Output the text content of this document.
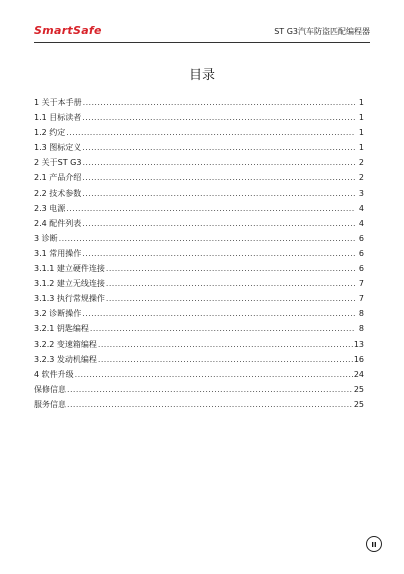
SmartSafe	ST G3汽车防盗匹配编程器
目录
1 关于本手册 .....	1
1.1 目标读者 .....	1
1.2 约定 .....	1
1.3 图标定义 .....	1
2 关于ST G3 .....	2
2.1 产品介绍 .....	2
2.2 技术参数 .....	3
2.3 电源 .....	4
2.4 配件列表 .....	4
3 诊断 .....	6
3.1 常用操作 .....	6
3.1.1 建立硬件连接 .....	6
3.1.2 建立无线连接 .....	7
3.1.3 执行常规操作 .....	7
3.2 诊断操作 .....	8
3.2.1 钥匙编程 .....	8
3.2.2 变速箱编程 .....	13
3.2.3 发动机编程 .....	16
4 软件升级 .....	24
保修信息 .....	25
服务信息 .....	25
II
